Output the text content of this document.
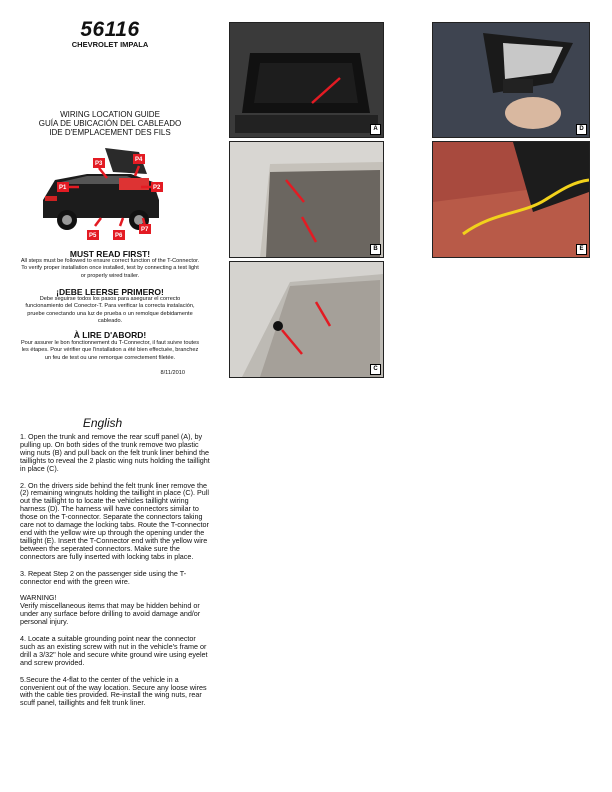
56116
CHEVROLET IMPALA
WIRING LOCATION GUIDE
GUÍA DE UBICACIÓN DEL CABLEADO
IDE D'EMPLACEMENT DES FILS
P1	P2
P3
P4
P5	P6
P7
MUST READ FIRST!
All steps must be followed to ensure correct function of the T-Connector. To verify proper installation once installed, test by connecting a test light or properly wired trailer.
¡DEBE LEERSE PRIMERO!
Debe seguirse todos los pasos para asegurar el correcto funcionamiento del Conector-T. Para verificar la correcta instalación, pruebe conectando una luz de prueba o un remolque debidamente cableado.
À LIRE D'ABORD!
Pour assurer le bon fonctionnement du T-Connector, il faut suivre toutes les étapes. Pour vérifier que l'installation a été bien effectuée, branchez un feu de test ou une remorque correctement filetée.
8/11/2010
A
B
C
D
E
English

1. Open the trunk and remove the rear scuff panel (A), by pulling up. On both sides of the trunk remove two plastic wing nuts (B) and pull back on the felt trunk liner behind the taillights to reveal the 2 plastic wing nuts holding the taillight in place (C).

2. On the drivers side behind the felt trunk liner remove the (2) remaining wingnuts holding the taillight in place (C). Pull out the taillight to to locate the vehicles taillight wiring harness (D). The harness will have connectors similar to those on the T-connector. Separate the connectors taking care not to damage the locking tabs. Route the T-connector end with the yellow wire up through the opening under the taillight (E). Insert the T-Connector end with the yellow wire between the seperated connectors. Make sure the connectors are fully inserted with locking tabs in place.

3. Repeat Step 2 on the passenger side using the T-connector end with the green wire.

WARNING!
Verify miscellaneous items that may be hidden behind or under any surface before drilling to avoid damage and/or personal injury.

4. Locate a suitable grounding point near the connector such as an existing screw with nut in the vehicle's frame or drill a 3/32" hole and secure white ground wire using eyelet and screw provided.

5.Secure the 4-flat to the center of the vehicle in a convenient out of the way location. Secure any loose wires with the cable ties provided. Re-install the wing nuts, rear scuff panel, taillights and felt trunk liner.
